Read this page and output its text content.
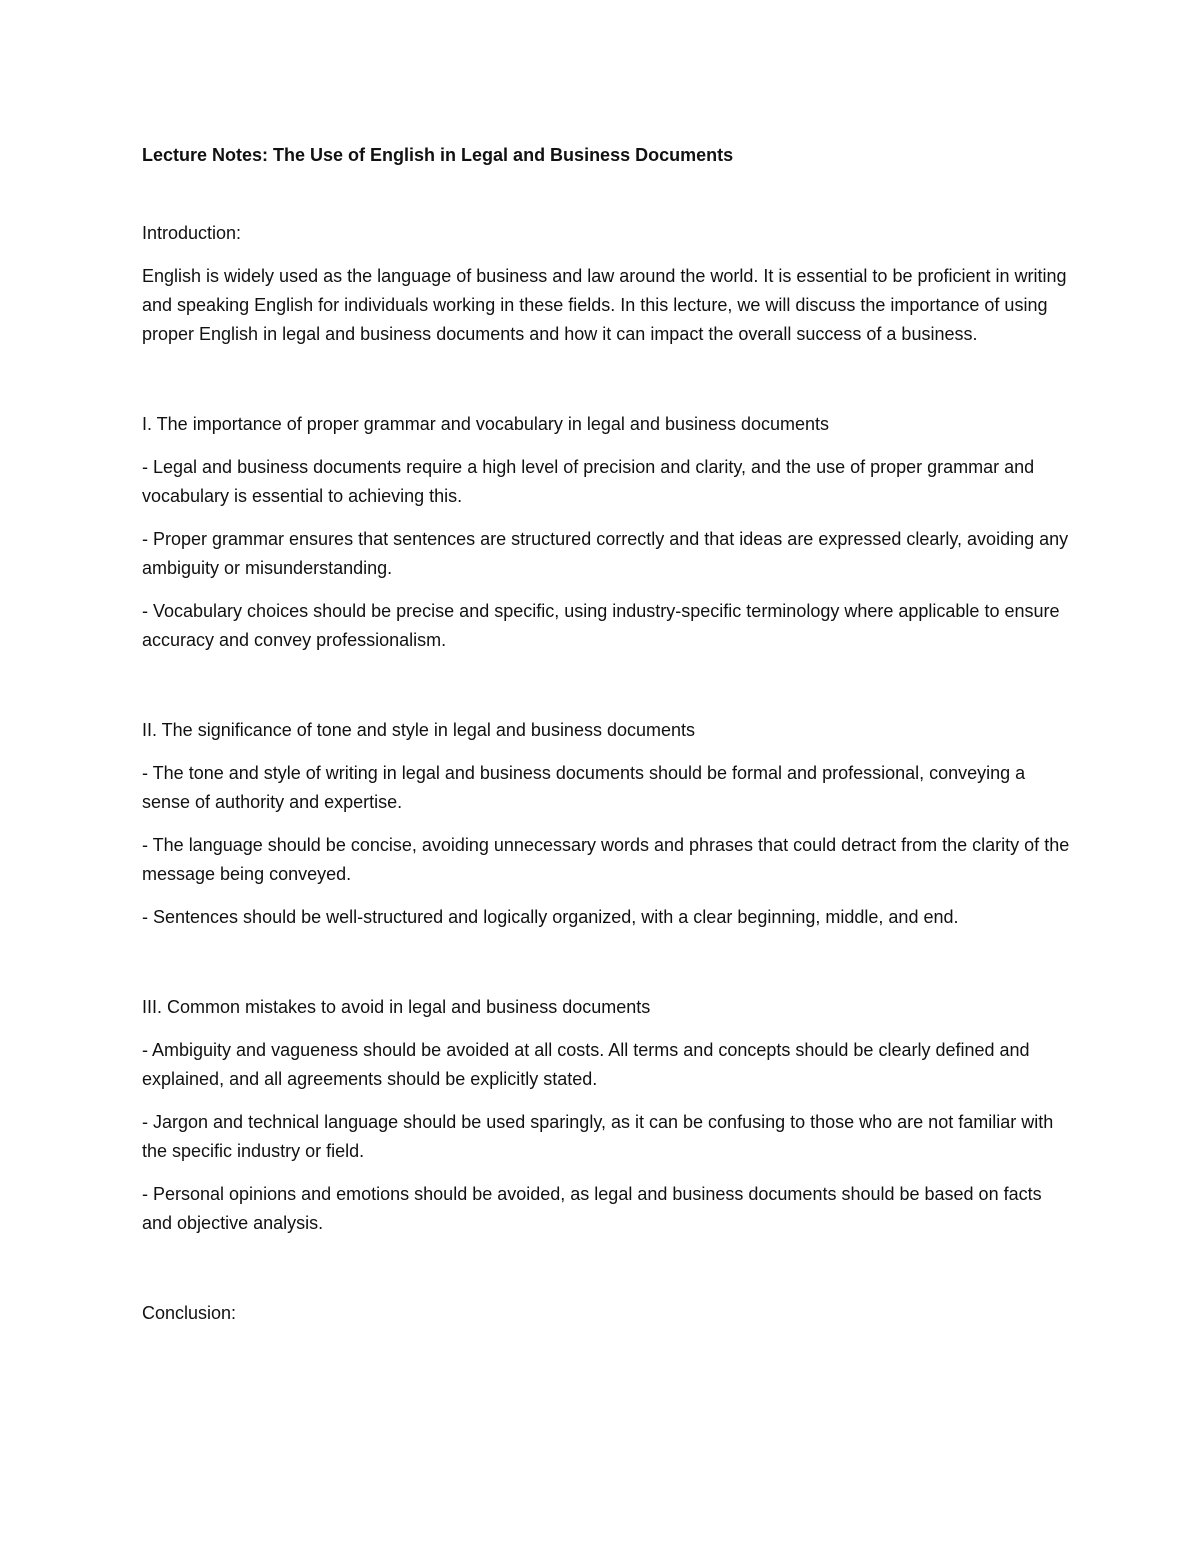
Lecture Notes: The Use of English in Legal and Business Documents
Introduction:

English is widely used as the language of business and law around the world. It is essential to be proficient in writing and speaking English for individuals working in these fields. In this lecture, we will discuss the importance of using proper English in legal and business documents and how it can impact the overall success of a business.

I. The importance of proper grammar and vocabulary in legal and business documents

- Legal and business documents require a high level of precision and clarity, and the use of proper grammar and vocabulary is essential to achieving this.

- Proper grammar ensures that sentences are structured correctly and that ideas are expressed clearly, avoiding any ambiguity or misunderstanding.

- Vocabulary choices should be precise and specific, using industry-specific terminology where applicable to ensure accuracy and convey professionalism.

II. The significance of tone and style in legal and business documents

- The tone and style of writing in legal and business documents should be formal and professional, conveying a sense of authority and expertise.

- The language should be concise, avoiding unnecessary words and phrases that could detract from the clarity of the message being conveyed.

- Sentences should be well-structured and logically organized, with a clear beginning, middle, and end.

III. Common mistakes to avoid in legal and business documents

- Ambiguity and vagueness should be avoided at all costs. All terms and concepts should be clearly defined and explained, and all agreements should be explicitly stated.

- Jargon and technical language should be used sparingly, as it can be confusing to those who are not familiar with the specific industry or field.

- Personal opinions and emotions should be avoided, as legal and business documents should be based on facts and objective analysis.

Conclusion:
